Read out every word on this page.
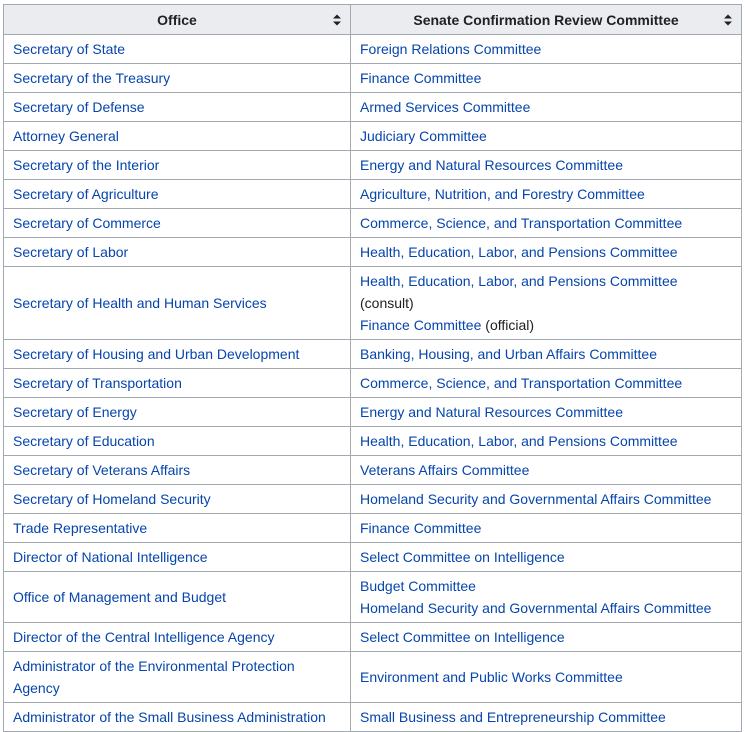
Office	Senate Confirmation Review Committee

Secretary of State	Foreign Relations Committee

Secretary of the Treasury	Finance Committee

Secretary of Defense	Armed Services Committee

Attorney General	Judiciary Committee

Secretary of the Interior	Energy and Natural Resources Committee

Secretary of Agriculture	Agriculture, Nutrition, and Forestry Committee

Secretary of Commerce	Commerce, Science, and Transportation Committee

Secretary of Labor	Health, Education, Labor, and Pensions Committee

Secretary of Health and Human Services	Health, Education, Labor, and Pensions Committee (consult)
Finance Committee (official)

Secretary of Housing and Urban Development	Banking, Housing, and Urban Affairs Committee

Secretary of Transportation	Commerce, Science, and Transportation Committee

Secretary of Energy	Energy and Natural Resources Committee

Secretary of Education	Health, Education, Labor, and Pensions Committee

Secretary of Veterans Affairs	Veterans Affairs Committee

Secretary of Homeland Security	Homeland Security and Governmental Affairs Committee

Trade Representative	Finance Committee

Director of National Intelligence	Select Committee on Intelligence

Office of Management and Budget	Budget Committee
Homeland Security and Governmental Affairs Committee

Director of the Central Intelligence Agency	Select Committee on Intelligence

Administrator of the Environmental Protection Agency	Environment and Public Works Committee

Administrator of the Small Business Administration	Small Business and Entrepreneurship Committee
